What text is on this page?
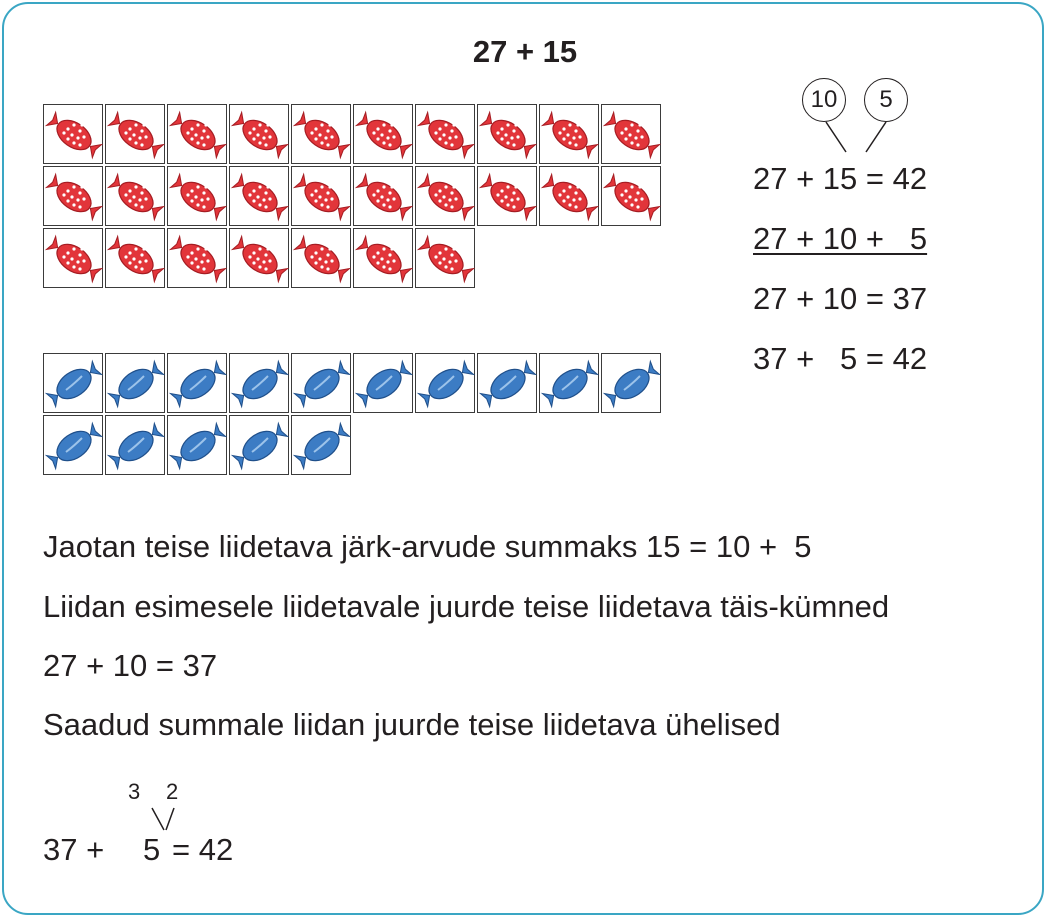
27 + 15
10	5
27 + 15 = 42
27 + 10 +   5
27 + 10 = 37
37 +   5 = 42
Jaotan teise liidetava järk-arvude summaks 15 = 10 +  5
Liidan esimesele liidetavale juurde teise liidetava täis-kümned
27 + 10 = 37
Saadud summale liidan juurde teise liidetava ühelised
3 2
37 + 5 = 42
